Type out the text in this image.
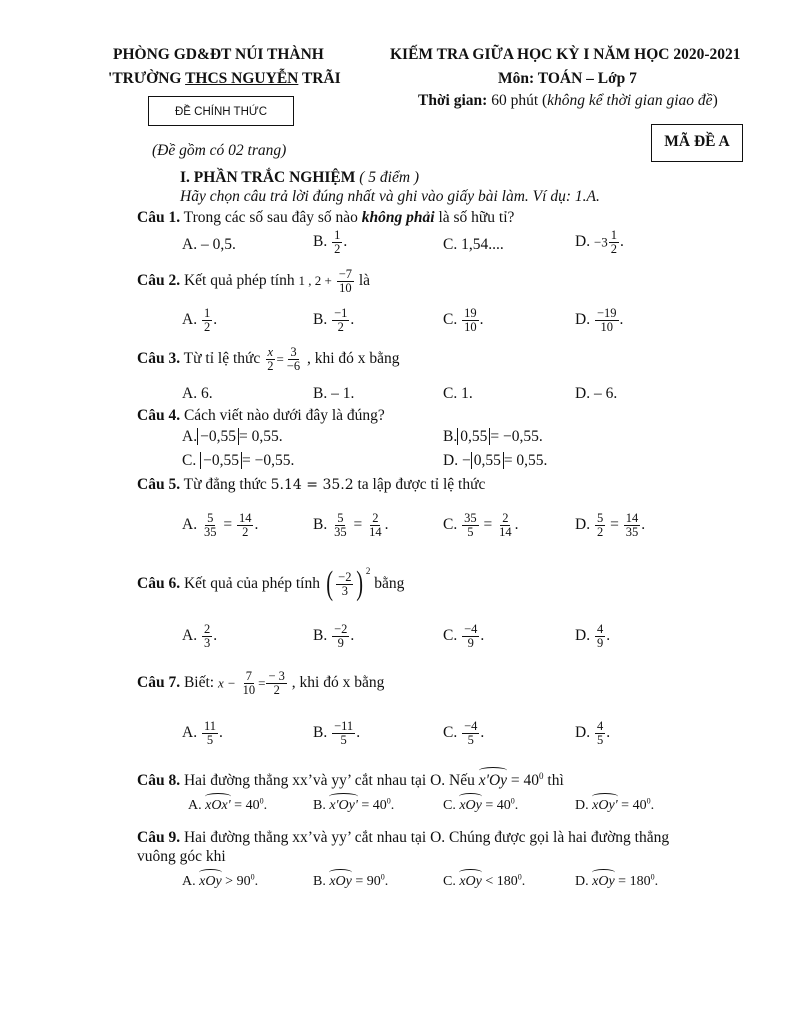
PHÒNG GD&ĐT NÚI THÀNH
'TRƯỜNG THCS NGUYỄN TRÃI
ĐỀ CHÍNH THỨC
(Đề gồm có 02 trang)
KIẾM TRA GIỮA HỌC KỲ I NĂM HỌC 2020-2021
Môn: TOÁN – Lớp 7
Thời gian: 60 phút (không kể thời gian giao đề)
MÃ ĐỀ A
I. PHẦN TRẮC NGHIỆM ( 5 điểm )
Hãy chọn câu trả lời đúng nhất và ghi vào giấy bài làm. Ví dụ: 1.A.
Câu 1. Trong các số sau đây số nào không phải là số hữu tỉ?
A. – 0,5.	B. $\frac{1}{2}$ .	C. 1,54....	D. $-3 \frac{1}{2}$ .
Câu 2. Kết quả phép tính 1 , $2 + \frac{-7}{10}$ là
A. $\frac{1}{2}$ .	B. $\frac{-1}{2}$ .	C. $\frac{19}{10}$ .	D. $\frac{-19}{10}$ .
Câu 3. Từ tỉ lệ thức $\frac{x}{2} = \frac{3}{-6}$ , khi đó x bằng
A. 6.	B. – 1.	C. 1.	D. – 6.
Câu 4. Cách viết nào dưới đây là đúng?
A. −0,55 = 0,55.	B. 0,55 = −0,55.
C. −0,55 = −0,55.	D. − 0,55 = 0,55.
Câu 5. Từ đẳng thức 5.14 = 35.2 ta lập được tỉ lệ thức
A. $\frac{5}{35} = \frac{14}{2}$ .	B. $\frac{5}{35} = \frac{2}{14}$ .	C. $\frac{35}{5} = \frac{2}{14}$ .	D. $\frac{5}{2} = \frac{14}{35}$ .
Câu 6. Kết quả của phép tính ( $\frac{-2}{3}$ ) $^2$ bằng
A. $\frac{2}{3}$ .	B. $\frac{-2}{9}$ .	C. $\frac{-4}{9}$ .	D. $\frac{4}{9}$ .
Câu 7. Biết: $x - \frac{7}{10} = \frac{- 3}{2}$ , khi đó x bằng
A. $\frac{11}{5}$ .	B. $\frac{-11}{5}$ .	C. $\frac{-4}{5}$ .	D. $\frac{4}{5}$ .
Câu 8. Hai đường thẳng xx’và yy’ cắt nhau tại O. Nếu $x'Oy = 40^0$ thì
A. $xOx' = 40^0$.	B. $x'Oy' = 40^0$.	C. xOy = $40^0$.	D. $xOy' = 40^0$.
Câu 9. Hai đường thẳng xx’và yy’ cắt nhau tại O. Chúng được gọi là hai đường thẳng
vuông góc khi
A. xOy > $90^0$.	B. xOy = $90^0$.	C. xOy < $180^0$.	D. xOy = $180^0$.
